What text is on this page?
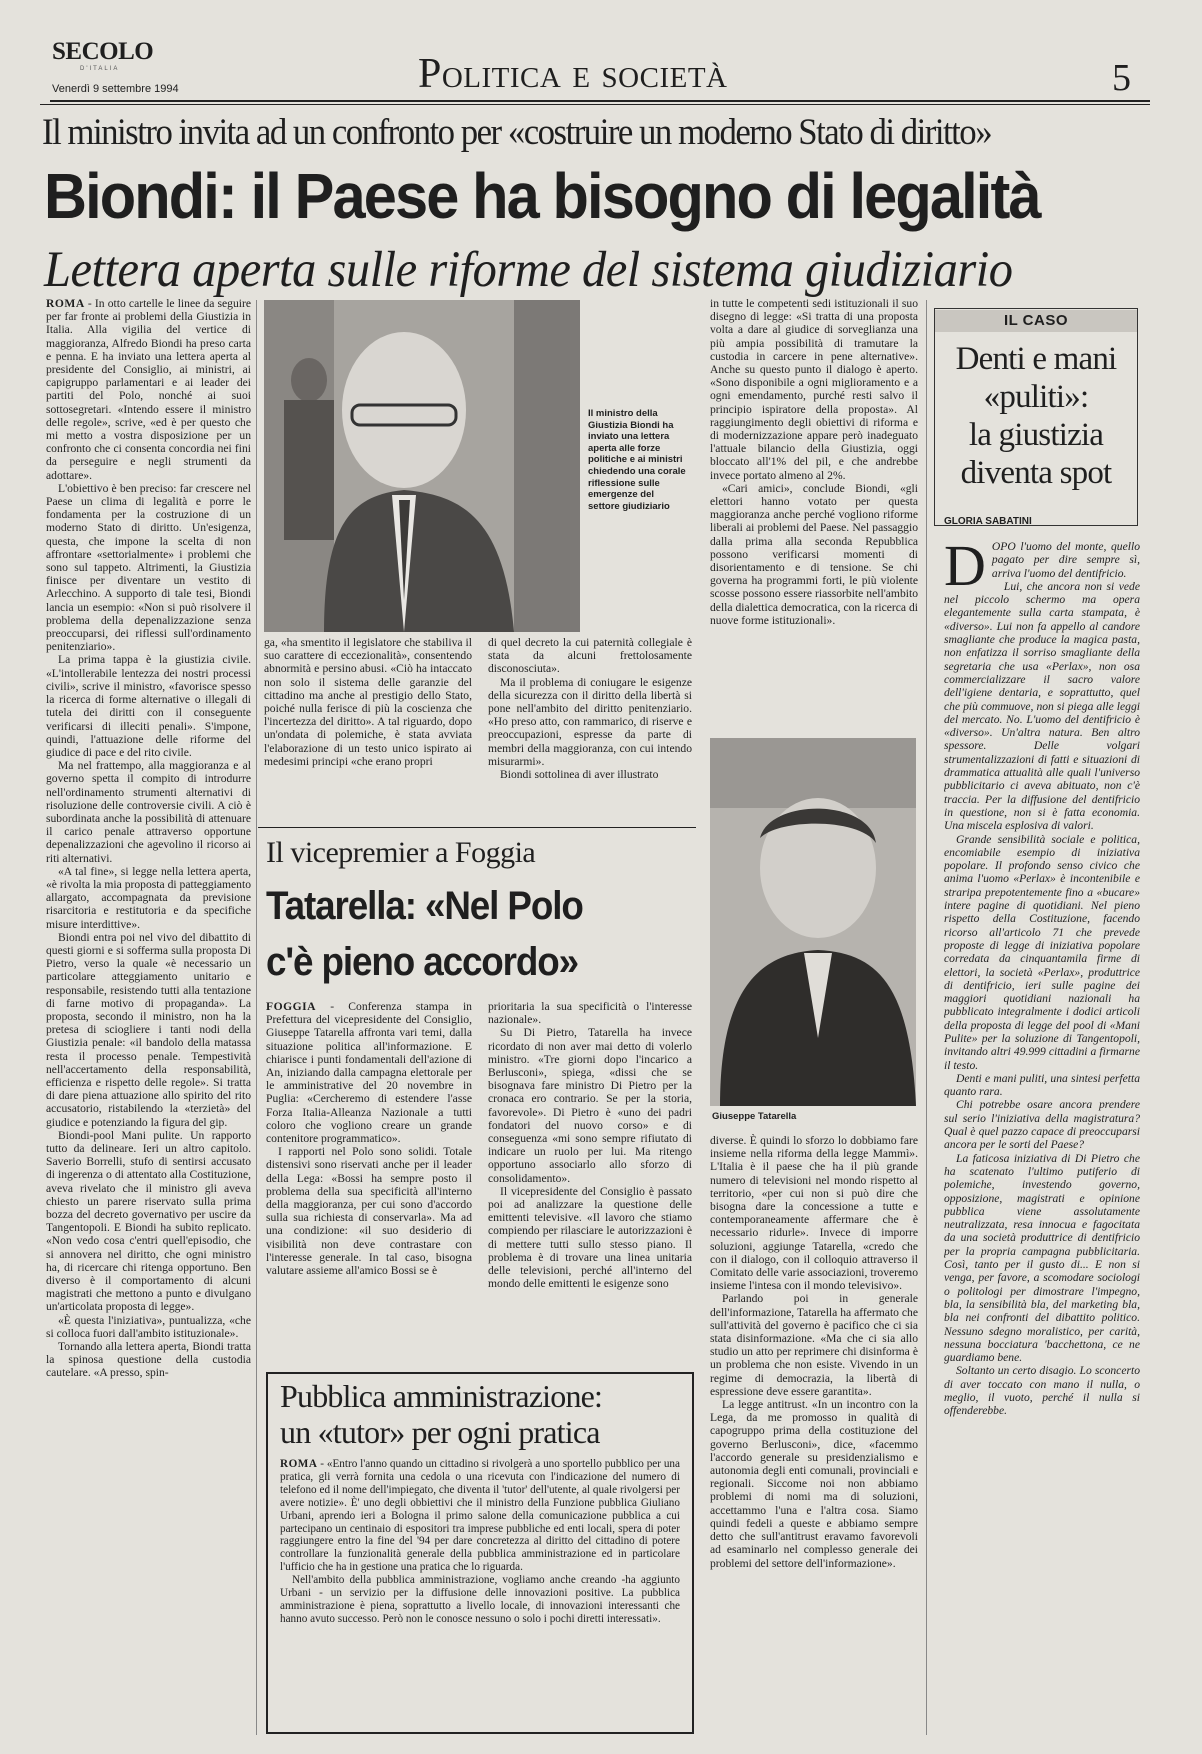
SECOLO
D'ITALIA
Venerdì 9 settembre 1994	Politica e società	5
Il ministro invita ad un confronto per «costruire un moderno Stato di diritto»
Biondi: il Paese ha bisogno di legalità
Lettera aperta sulle riforme del sistema giudiziario

ROMA - In otto cartelle le linee da seguire per far fronte ai problemi della Giustizia in Italia. Alla vigilia del vertice di maggioranza, Alfredo Biondi ha preso carta e penna. E ha inviato una lettera aperta al presidente del Consiglio, ai ministri, ai capigruppo parlamentari e ai leader dei partiti del Polo, nonché ai suoi sottosegretari. «Intendo essere il ministro delle regole», scrive, «ed è per questo che mi metto a vostra disposizione per un confronto che ci consenta concordia nei fini da perseguire e negli strumenti da adottare».

L'obiettivo è ben preciso: far crescere nel Paese un clima di legalità e porre le fondamenta per la costruzione di un moderno Stato di diritto. Un'esigenza, questa, che impone la scelta di non affrontare «settorialmente» i problemi che sono sul tappeto. Altrimenti, la Giustizia finisce per diventare un vestito di Arlecchino. A supporto di tale tesi, Biondi lancia un esempio: «Non si può risolvere il problema della depenalizzazione senza preoccuparsi, dei riflessi sull'ordinamento penitenziario».

La prima tappa è la giustizia civile. «L'intollerabile lentezza dei nostri processi civili», scrive il ministro, «favorisce spesso la ricerca di forme alternative o illegali di tutela dei diritti con il conseguente verificarsi di illeciti penali». S'impone, quindi, l'attuazione delle riforme del giudice di pace e del rito civile.

Ma nel frattempo, alla maggioranza e al governo spetta il compito di introdurre nell'ordinamento strumenti alternativi di risoluzione delle controversie civili. A ciò è subordinata anche la possibilità di attenuare il carico penale attraverso opportune depenalizzazioni che agevolino il ricorso ai riti alternativi.

«A tal fine», si legge nella lettera aperta, «è rivolta la mia proposta di patteggiamento allargato, accompagnata da previsione risarcitoria e restitutoria e da specifiche misure interdittive».

Biondi entra poi nel vivo del dibattito di questi giorni e si sofferma sulla proposta Di Pietro, verso la quale «è necessario un particolare atteggiamento unitario e responsabile, resistendo tutti alla tentazione di farne motivo di propaganda». La proposta, secondo il ministro, non ha la pretesa di sciogliere i tanti nodi della Giustizia penale: «il bandolo della matassa resta il processo penale. Tempestività nell'accertamento della responsabilità, efficienza e rispetto delle regole». Si tratta di dare piena attuazione allo spirito del rito accusatorio, ristabilendo la «terzietà» del giudice e potenziando la figura del gip.

Biondi-pool Mani pulite. Un rapporto tutto da delineare. Ieri un altro capitolo. Saverio Borrelli, stufo di sentirsi accusato di ingerenza o di attentato alla Costituzione, aveva rivelato che il ministro gli aveva chiesto un parere riservato sulla prima bozza del decreto governativo per uscire da Tangentopoli. E Biondi ha subito replicato. «Non vedo cosa c'entri quell'episodio, che si annovera nel diritto, che ogni ministro ha, di ricercare chi ritenga opportuno. Ben diverso è il comportamento di alcuni magistrati che mettono a punto e divulgano un'articolata proposta di legge».

«È questa l'iniziativa», puntualizza, «che si colloca fuori dall'ambito istituzionale».

Tornando alla lettera aperta, Biondi tratta la spinosa questione della custodia cautelare. «A presso, spin-

Il ministro della Giustizia Biondi ha inviato una lettera aperta alle forze politiche e ai ministri chiedendo una corale riflessione sulle emergenze del settore giudiziario

ga, «ha smentito il legislatore che stabiliva il suo carattere di eccezionalità», consentendo abnormità e persino abusi. «Ciò ha intaccato non solo il sistema delle garanzie del cittadino ma anche al prestigio dello Stato, poiché nulla ferisce di più la coscienza che l'incertezza del diritto». A tal riguardo, dopo un'ondata di polemiche, è stata avviata l'elaborazione di un testo unico ispirato ai medesimi principi «che erano propri

di quel decreto la cui paternità collegiale è stata da alcuni frettolosamente disconosciuta».

Ma il problema di coniugare le esigenze della sicurezza con il diritto della libertà si pone nell'ambito del diritto penitenziario. «Ho preso atto, con rammarico, di riserve e preoccupazioni, espresse da parte di membri della maggioranza, con cui intendo misurarmi».

Biondi sottolinea di aver illustrato

in tutte le competenti sedi istituzionali il suo disegno di legge: «Si tratta di una proposta volta a dare al giudice di sorveglianza una più ampia possibilità di tramutare la custodia in carcere in pene alternative». Anche su questo punto il dialogo è aperto. «Sono disponibile a ogni miglioramento e a ogni emendamento, purché resti salvo il principio ispiratore della proposta». Al raggiungimento degli obiettivi di riforma e di modernizzazione appare però inadeguato l'attuale bilancio della Giustizia, oggi bloccato all'1% del pil, e che andrebbe invece portato almeno al 2%.

«Cari amici», conclude Biondi, «gli elettori hanno votato per questa maggioranza anche perché vogliono riforme liberali ai problemi del Paese. Nel passaggio dalla prima alla seconda Repubblica possono verificarsi momenti di disorientamento e di tensione. Se chi governa ha programmi forti, le più violente scosse possono essere riassorbite nell'ambito della dialettica democratica, con la ricerca di nuove forme istituzionali».

Il vicepremier a Foggia
Tatarella: «Nel Polo
c'è pieno accordo»

FOGGIA - Conferenza stampa in Prefettura del vicepresidente del Consiglio, Giuseppe Tatarella affronta vari temi, dalla situazione politica all'informazione. E chiarisce i punti fondamentali dell'azione di An, iniziando dalla campagna elettorale per le amministrative del 20 novembre in Puglia: «Cercheremo di estendere l'asse Forza Italia-Alleanza Nazionale a tutti coloro che vogliono creare un grande contenitore programmatico».

I rapporti nel Polo sono solidi. Totale distensivi sono riservati anche per il leader della Lega: «Bossi ha sempre posto il problema della sua specificità all'interno della maggioranza, per cui sono d'accordo sulla sua richiesta di conservarla». Ma ad una condizione: «il suo desiderio di visibilità non deve contrastare con l'interesse generale. In tal caso, bisogna valutare assieme all'amico Bossi se è

prioritaria la sua specificità o l'interesse nazionale».

Su Di Pietro, Tatarella ha invece ricordato di non aver mai detto di volerlo ministro. «Tre giorni dopo l'incarico a Berlusconi», spiega, «dissi che se bisognava fare ministro Di Pietro per la cronaca ero contrario. Se per la storia, favorevole». Di Pietro è «uno dei padri fondatori del nuovo corso» e di conseguenza «mi sono sempre rifiutato di indicare un ruolo per lui. Ma ritengo opportuno associarlo allo sforzo di consolidamento».

Il vicepresidente del Consiglio è passato poi ad analizzare la questione delle emittenti televisive. «Il lavoro che stiamo compiendo per rilasciare le autorizzazioni è di mettere tutti sullo stesso piano. Il problema è di trovare una linea unitaria delle televisioni, perché all'interno del mondo delle emittenti le esigenze sono

Giuseppe Tatarella

diverse. È quindi lo sforzo lo dobbiamo fare insieme nella riforma della legge Mammì». L'Italia è il paese che ha il più grande numero di televisioni nel mondo rispetto al territorio, «per cui non si può dire che bisogna dare la concessione a tutte e contemporaneamente affermare che è necessario ridurle». Invece di imporre soluzioni, aggiunge Tatarella, «credo che con il dialogo, con il colloquio attraverso il Comitato delle varie associazioni, troveremo insieme l'intesa con il mondo televisivo».

Parlando poi in generale dell'informazione, Tatarella ha affermato che sull'attività del governo è pacifico che ci sia stata disinformazione. «Ma che ci sia allo studio un atto per reprimere chi disinforma è un problema che non esiste. Vivendo in un regime di democrazia, la libertà di espressione deve essere garantita».

La legge antitrust. «In un incontro con la Lega, da me promosso in qualità di capogruppo prima della costituzione del governo Berlusconi», dice, «facemmo l'accordo generale su presidenzialismo e autonomia degli enti comunali, provinciali e regionali. Siccome noi non abbiamo problemi di nomi ma di soluzioni, accettammo l'una e l'altra cosa. Siamo quindi fedeli a queste e abbiamo sempre detto che sull'antitrust eravamo favorevoli ad esaminarlo nel complesso generale dei problemi del settore dell'informazione».

Pubblica amministrazione:
un «tutor» per ogni pratica

ROMA - «Entro l'anno quando un cittadino si rivolgerà a uno sportello pubblico per una pratica, gli verrà fornita una cedola o una ricevuta con l'indicazione del numero di telefono ed il nome dell'impiegato, che diventa il 'tutor' dell'utente, al quale rivolgersi per avere notizie». È' uno degli obbiettivi che il ministro della Funzione pubblica Giuliano Urbani, aprendo ieri a Bologna il primo salone della comunicazione pubblica a cui partecipano un centinaio di espositori tra imprese pubbliche ed enti locali, spera di poter raggiungere entro la fine del '94 per dare concretezza al diritto del cittadino di potere controllare la funzionalità generale della pubblica amministrazione ed in particolare l'ufficio che ha in gestione una pratica che lo riguarda.

Nell'ambito della pubblica amministrazione, vogliamo anche creando -ha aggiunto Urbani - un servizio per la diffusione delle innovazioni positive. La pubblica amministrazione è piena, soprattutto a livello locale, di innovazioni interessanti che hanno avuto successo. Però non le conosce nessuno o solo i pochi diretti interessati».

IL CASO
Denti e mani
«puliti»:
la giustizia
diventa spot
GLORIA SABATINI

DOPO l'uomo del monte, quello pagato per dire sempre sì, arriva l'uomo del dentifricio.

Lui, che ancora non si vede nel piccolo schermo ma opera elegantemente sulla carta stampata, è «diverso». Lui non fa appello al candore smagliante che produce la magica pasta, non enfatizza il sorriso smagliante della segretaria che usa «Perlax», non osa commercializzare il sacro valore dell'igiene dentaria, e soprattutto, quel che più commuove, non si piega alle leggi del mercato. No. L'uomo del dentifricio è «diverso». Un'altra natura. Ben altro spessore. Delle volgari strumentalizzazioni di fatti e situazioni di drammatica attualità alle quali l'universo pubblicitario ci aveva abituato, non c'è traccia. Per la diffusione del dentifricio in questione, non si è fatta economia. Una miscela esplosiva di valori.

Grande sensibilità sociale e politica, encomiabile esempio di iniziativa popolare. Il profondo senso civico che anima l'uomo «Perlax» è incontenibile e straripa prepotentemente fino a «bucare» intere pagine di quotidiani. Nel pieno rispetto della Costituzione, facendo ricorso all'articolo 71 che prevede proposte di legge di iniziativa popolare corredata da cinquantamila firme di elettori, la società «Perlax», produttrice di dentifricio, ieri sulle pagine dei maggiori quotidiani nazionali ha pubblicato integralmente i dodici articoli della proposta di legge del pool di «Mani Pulite» per la soluzione di Tangentopoli, invitando altri 49.999 cittadini a firmarne il testo.

Denti e mani puliti, una sintesi perfetta quanto rara.

Chi potrebbe osare ancora prendere sul serio l'iniziativa della magistratura? Qual è quel pazzo capace di preoccuparsi ancora per le sorti del Paese?

La faticosa iniziativa di Di Pietro che ha scatenato l'ultimo putiferio di polemiche, investendo governo, opposizione, magistrati e opinione pubblica viene assolutamente neutralizzata, resa innocua e fagocitata da una società produttrice di dentifricio per la propria campagna pubblicitaria. Così, tanto per il gusto di... E non si venga, per favore, a scomodare sociologi o politologi per dimostrare l'impegno, bla, la sensibilità bla, del marketing bla, bla nei confronti del dibattito politico. Nessuno sdegno moralistico, per carità, nessuna bocciatura 'bacchettona, ce ne guardiamo bene.

Soltanto un certo disagio. Lo sconcerto di aver toccato con mano il nulla, o meglio, il vuoto, perché il nulla si offenderebbe.
